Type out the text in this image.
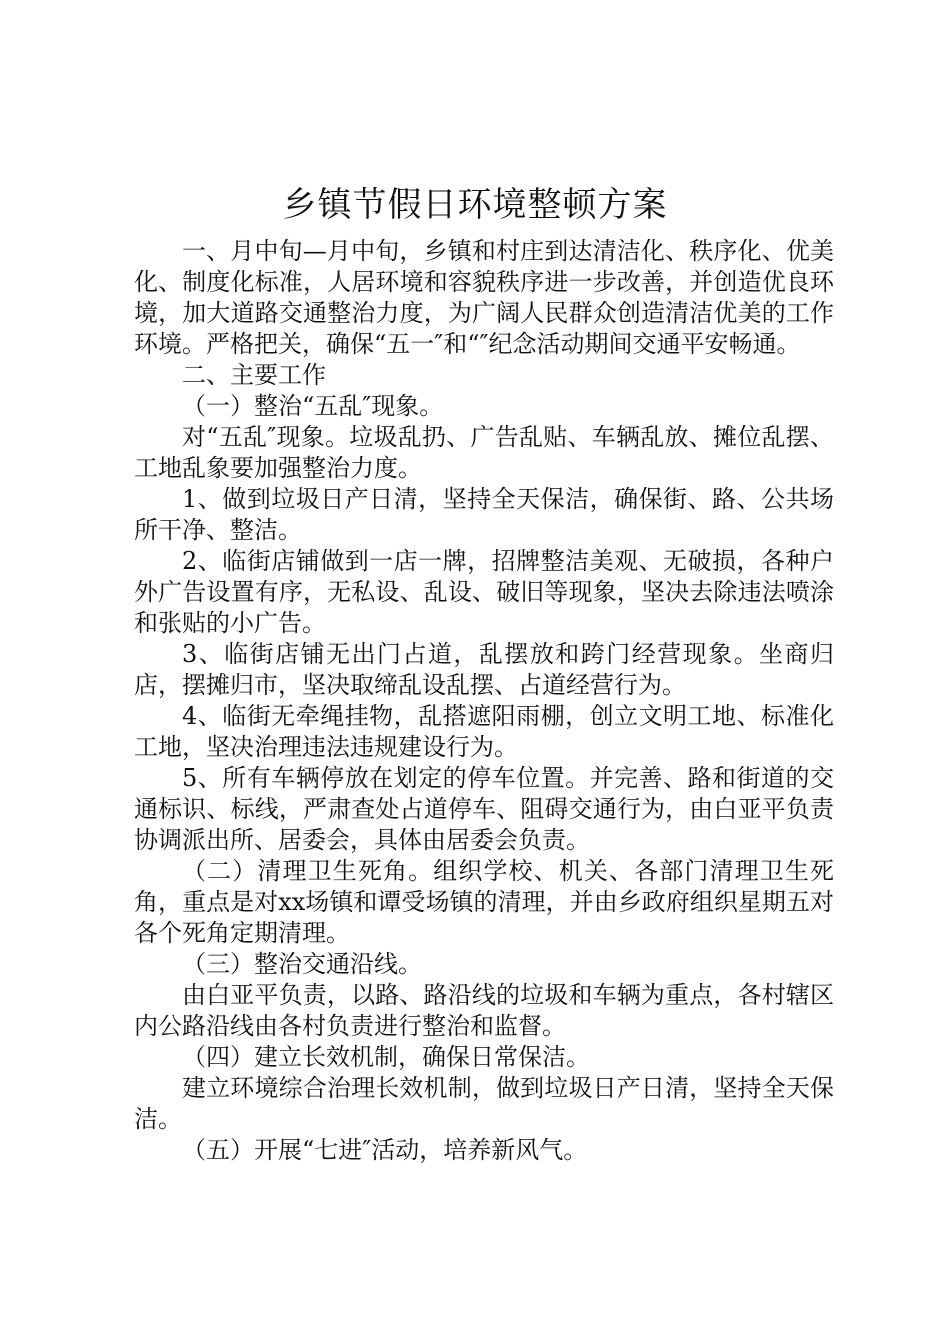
乡镇节假日环境整顿方案

一、月中旬—月中旬，乡镇和村庄到达清洁化、秩序化、优美化、制度化标准，人居环境和容貌秩序进一步改善，并创造优良环境，加大道路交通整治力度，为广阔人民群众创造清洁优美的工作环境。严格把关，确保“五一″和“″纪念活动期间交通平安畅通。

二、主要工作

（一）整治“五乱″现象。

对“五乱″现象。垃圾乱扔、广告乱贴、车辆乱放、摊位乱摆、工地乱象要加强整治力度。

1、做到垃圾日产日清，坚持全天保洁，确保街、路、公共场所干净、整洁。

2、临街店铺做到一店一牌，招牌整洁美观、无破损，各种户外广告设置有序，无私设、乱设、破旧等现象，坚决去除违法喷涂和张贴的小广告。

3、临街店铺无出门占道，乱摆放和跨门经营现象。坐商归店，摆摊归市，坚决取缔乱设乱摆、占道经营行为。

4、临街无牵绳挂物，乱搭遮阳雨棚，创立文明工地、标准化工地，坚决治理违法违规建设行为。

5、所有车辆停放在划定的停车位置。并完善、路和街道的交通标识、标线，严肃查处占道停车、阻碍交通行为，由白亚平负责协调派出所、居委会，具体由居委会负责。

（二）清理卫生死角。组织学校、机关、各部门清理卫生死角，重点是对xx场镇和谭受场镇的清理，并由乡政府组织星期五对各个死角定期清理。

（三）整治交通沿线。

由白亚平负责，以路、路沿线的垃圾和车辆为重点，各村辖区内公路沿线由各村负责进行整治和监督。

（四）建立长效机制，确保日常保洁。

建立环境综合治理长效机制，做到垃圾日产日清，坚持全天保洁。

（五）开展“七进″活动，培养新风气。
